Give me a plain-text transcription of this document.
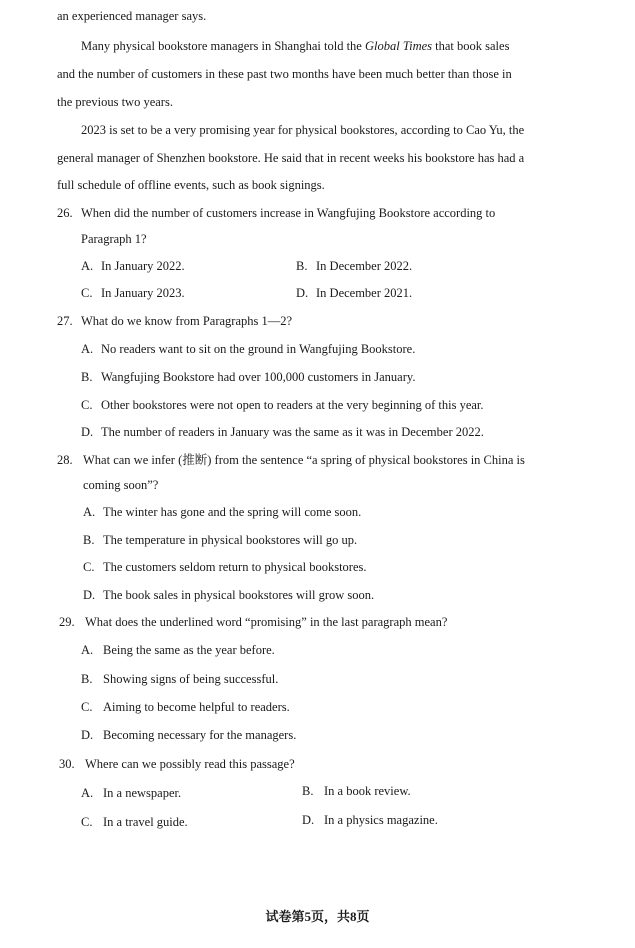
an experienced manager says.
Many physical bookstore managers in Shanghai told the Global Times that book sales
and the number of customers in these past two months have been much better than those in
the previous two years.
2023 is set to be a very promising year for physical bookstores, according to Cao Yu, the
general manager of Shenzhen bookstore. He said that in recent weeks his bookstore has had a
full schedule of offline events, such as book signings.
26. When did the number of customers increase in Wangfujing Bookstore according to
Paragraph 1?
A. In January 2022.	B. In December 2022.
C. In January 2023.	D. In December 2021.
27. What do we know from Paragraphs 1—2?
A. No readers want to sit on the ground in Wangfujing Bookstore.
B. Wangfujing Bookstore had over 100,000 customers in January.
C. Other bookstores were not open to readers at the very beginning of this year.
D. The number of readers in January was the same as it was in December 2022.
28. What can we infer (推断) from the sentence “a spring of physical bookstores in China is
coming soon”?
A. The winter has gone and the spring will come soon.
B. The temperature in physical bookstores will go up.
C. The customers seldom return to physical bookstores.
D. The book sales in physical bookstores will grow soon.
29. What does the underlined word “promising” in the last paragraph mean?
A. Being the same as the year before.
B. Showing signs of being successful.
C. Aiming to become helpful to readers.
D. Becoming necessary for the managers.
30. Where can we possibly read this passage?
A. In a newspaper.	B. In a book review.
C. In a travel guide.	D. In a physics magazine.
试卷第5页，共8页
